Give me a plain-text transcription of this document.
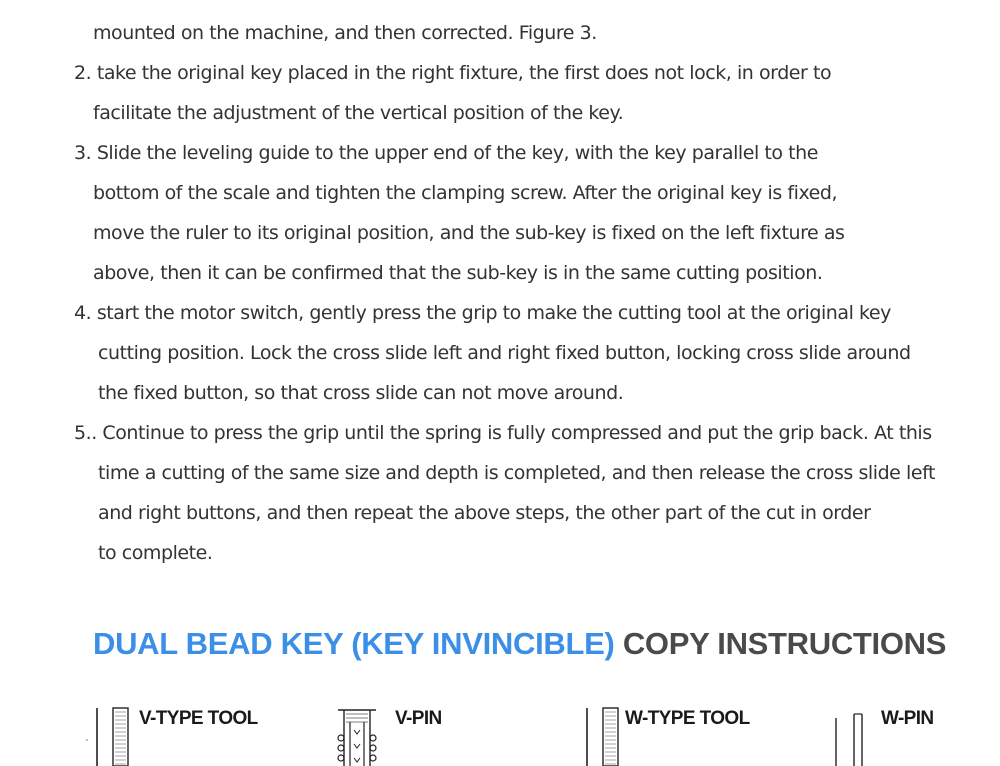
mounted on the machine, and then corrected. Figure 3.
2. take the original key placed in the right fixture, the first does not lock, in order to
facilitate the adjustment of the vertical position of the key.
3. Slide the leveling guide to the upper end of the key, with the key parallel to the
bottom of the scale and tighten the clamping screw. After the original key is fixed,
move the ruler to its original position, and the sub-key is fixed on the left fixture as
above, then it can be confirmed that the sub-key is in the same cutting position.
4. start the motor switch, gently press the grip to make the cutting tool at the original key
cutting position. Lock the cross slide left and right fixed button, locking cross slide around
the fixed button, so that cross slide can not move around.
5.. Continue to press the grip until the spring is fully compressed and put the grip back. At this
time a cutting of the same size and depth is completed, and then release the cross slide left
and right buttons, and then repeat the above steps, the other part of the cut in order
to complete.
DUAL BEAD KEY (KEY INVINCIBLE) COPY INSTRUCTIONS
V-TYPE TOOL	V-PIN	W-TYPE TOOL	W-PIN
